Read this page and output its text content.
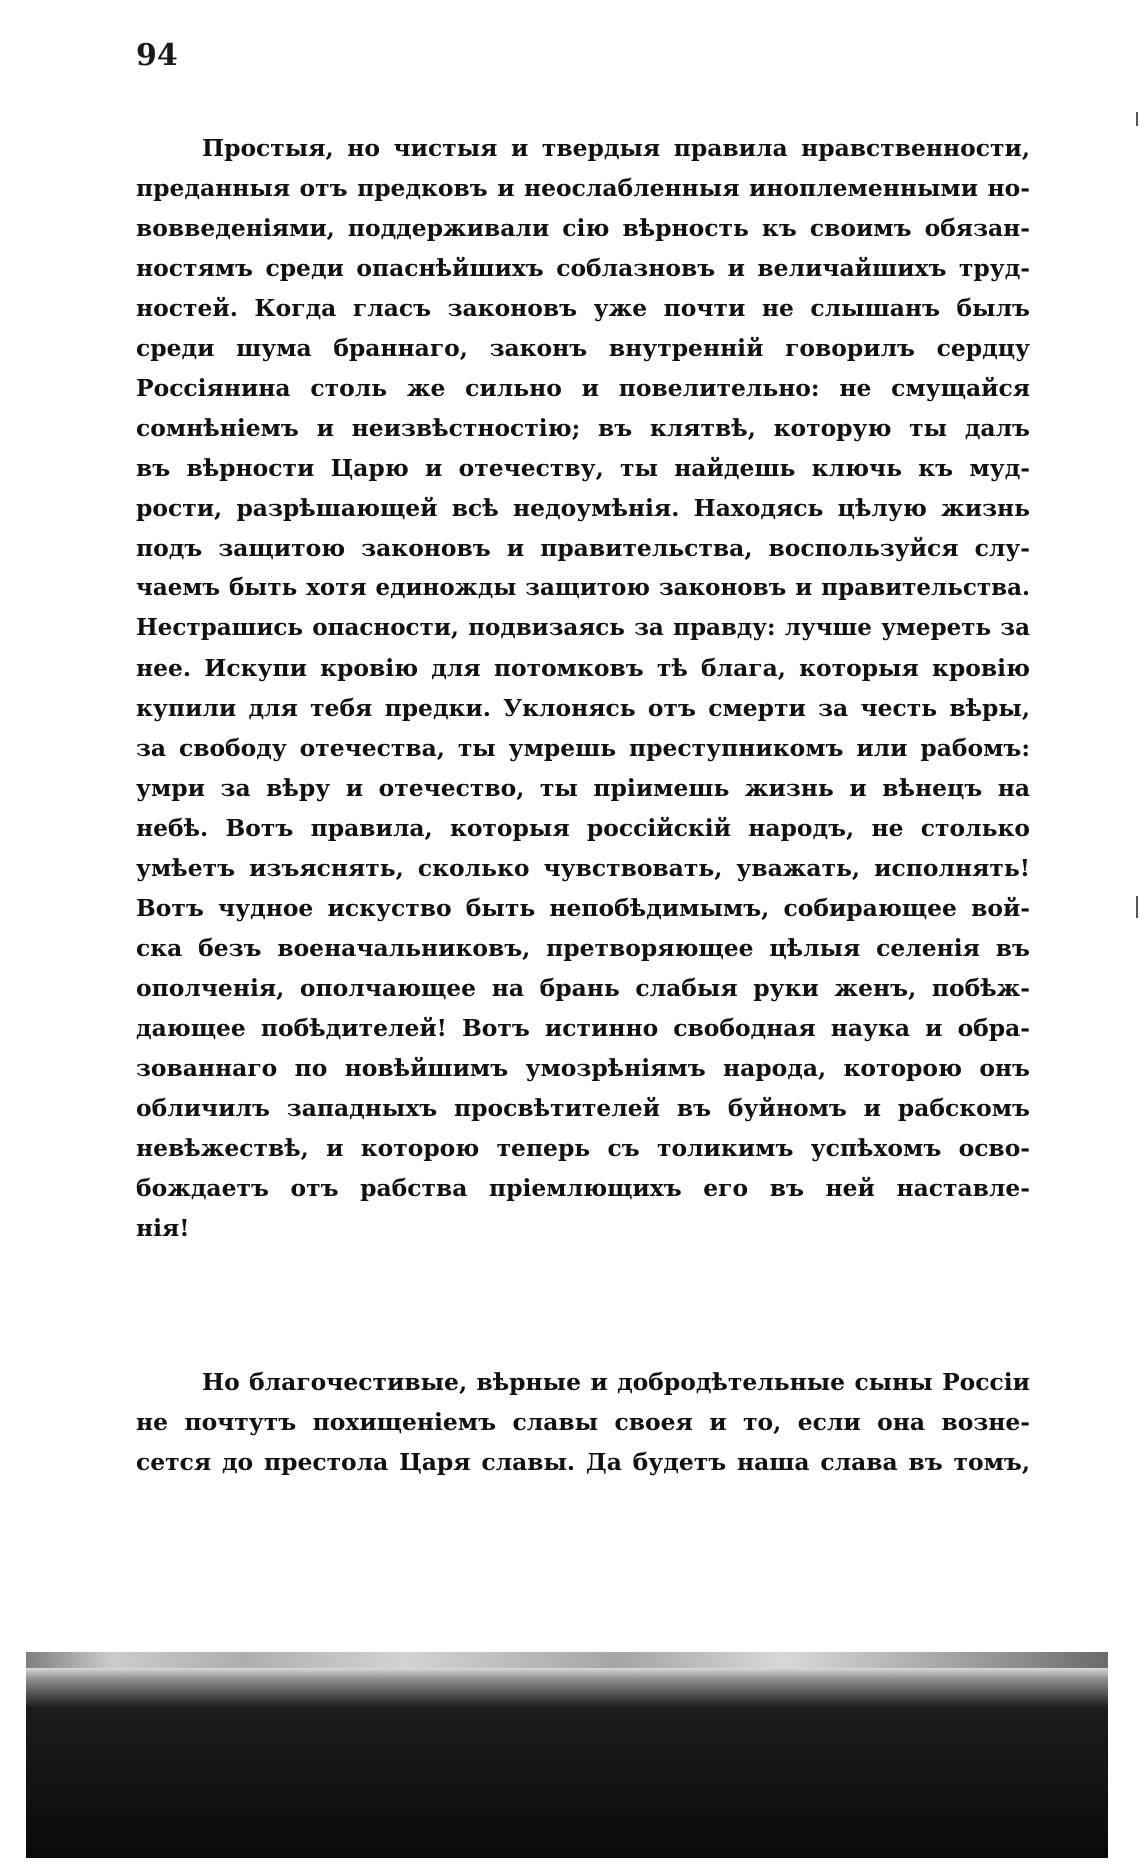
94
Простыя, но чистыя и твердыя правила нравственности,
преданныя отъ предковъ и неослабленныя иноплеменными но-
вовведеніями, поддерживали сію вѣрность къ своимъ обязан-
ностямъ среди опаснѣйшихъ соблазновъ и величайшихъ труд-
ностей. Когда гласъ законовъ уже почти не слышанъ былъ
среди шума браннаго, законъ внутренній говорилъ сердцу
Россіянина столь же сильно и повелительно: не смущайся
сомнѣніемъ и неизвѣстностію; въ клятвѣ, которую ты далъ
въ вѣрности Царю и отечеству, ты найдешь ключь къ муд-
рости, разрѣшающей всѣ недоумѣнія. Находясь цѣлую жизнь
подъ защитою законовъ и правительства, воспользуйся слу-
чаемъ быть хотя единожды защитою законовъ и правительства.
Нестрашись опасности, подвизаясь за правду: лучше умереть за
нее. Искупи кровію для потомковъ тѣ блага, которыя кровію
купили для тебя предки. Уклонясь отъ смерти за честь вѣры,
за свободу отечества, ты умрешь преступникомъ или рабомъ:
умри за вѣру и отечество, ты пріимешь жизнь и вѣнецъ на
небѣ. Вотъ правила, которыя россійскій народъ, не столько
умѣетъ изъяснять, сколько чувствовать, уважать, исполнять!
Вотъ чудное искуство быть непобѣдимымъ, собирающее вой-
ска безъ военачальниковъ, претворяющее цѣлыя селенія въ
ополченія, ополчающее на брань слабыя руки женъ, побѣж-
дающее побѣдителей! Вотъ истинно свободная наука и обра-
зованнаго по новѣйшимъ умозрѣніямъ народа, которою онъ
обличилъ западныхъ просвѣтителей въ буйномъ и рабскомъ
невѣжествѣ, и которою теперь съ толикимъ успѣхомъ осво-
бождаетъ отъ рабства пріемлющихъ его въ ней наставле-
нія!
Но благочестивые, вѣрные и добродѣтельные сыны Россіи
не почтутъ похищеніемъ славы своея и то, если она возне-
сется до престола Царя славы. Да будетъ наша слава въ томъ,
